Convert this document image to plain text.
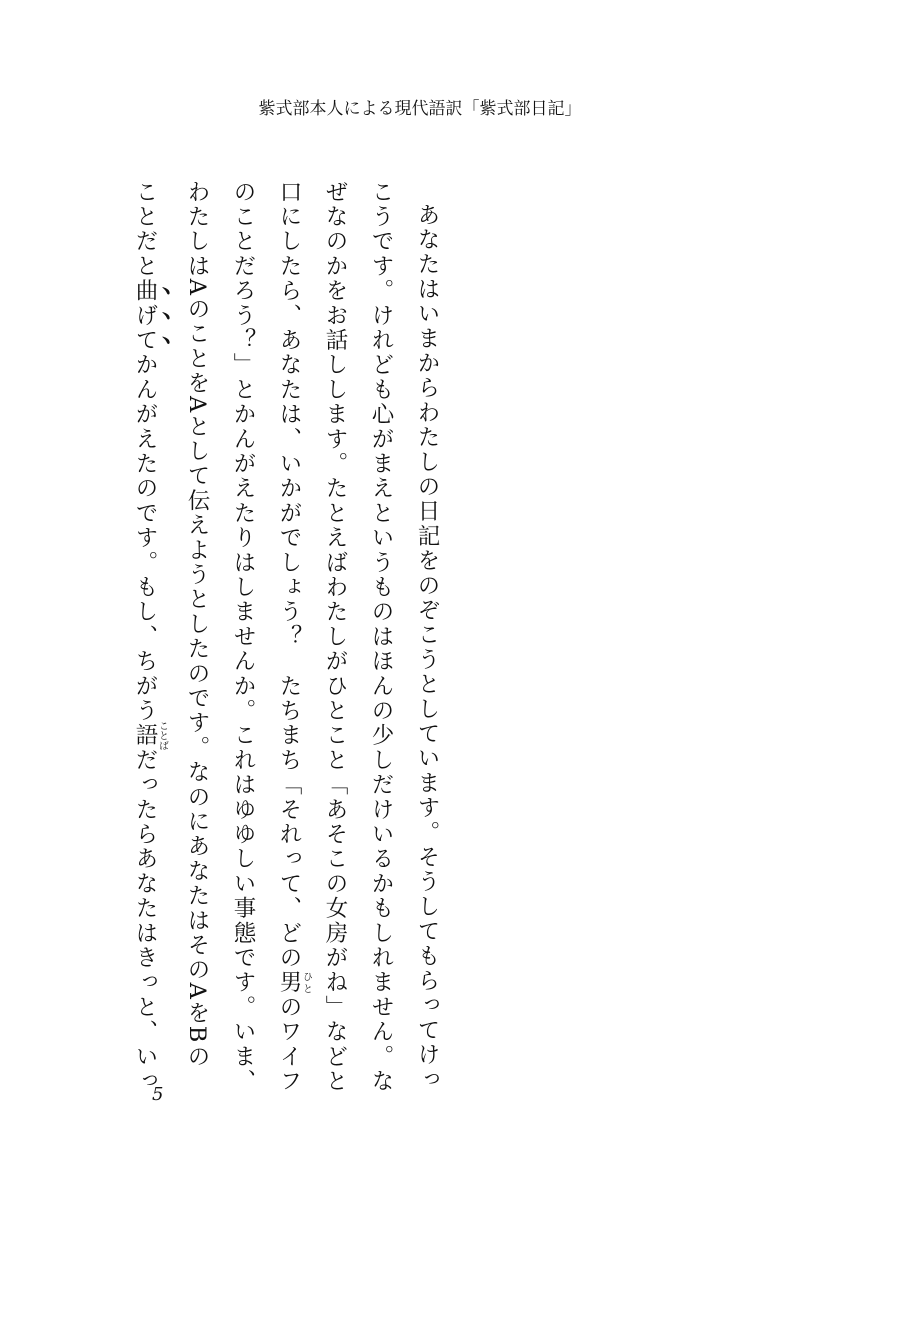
紫式部本人による現代語訳「紫式部日記」
あなたはいまからわたしの日記をのぞこうとしています。そうしてもらってけっ
こうです。けれども心がまえというものはほんの少しだけいるかもしれません。な
ぜなのかをお話しします。たとえばわたしがひとこと「あそこの女房がね」などと
口にしたら、あなたは、いかがでしょう？　たちまち「それって、どの男ひとのワイフ
のことだろう？」とかんがえたりはしませんか。これはゆゆしい事態です。いま、
わたしはAのことをAとして伝えようとしたのです。なのにあなたはそのAをBの
ことだと曲げてかんがえたのです。もし、ちがう語ことばだったらあなたはきっと、いっ
5
